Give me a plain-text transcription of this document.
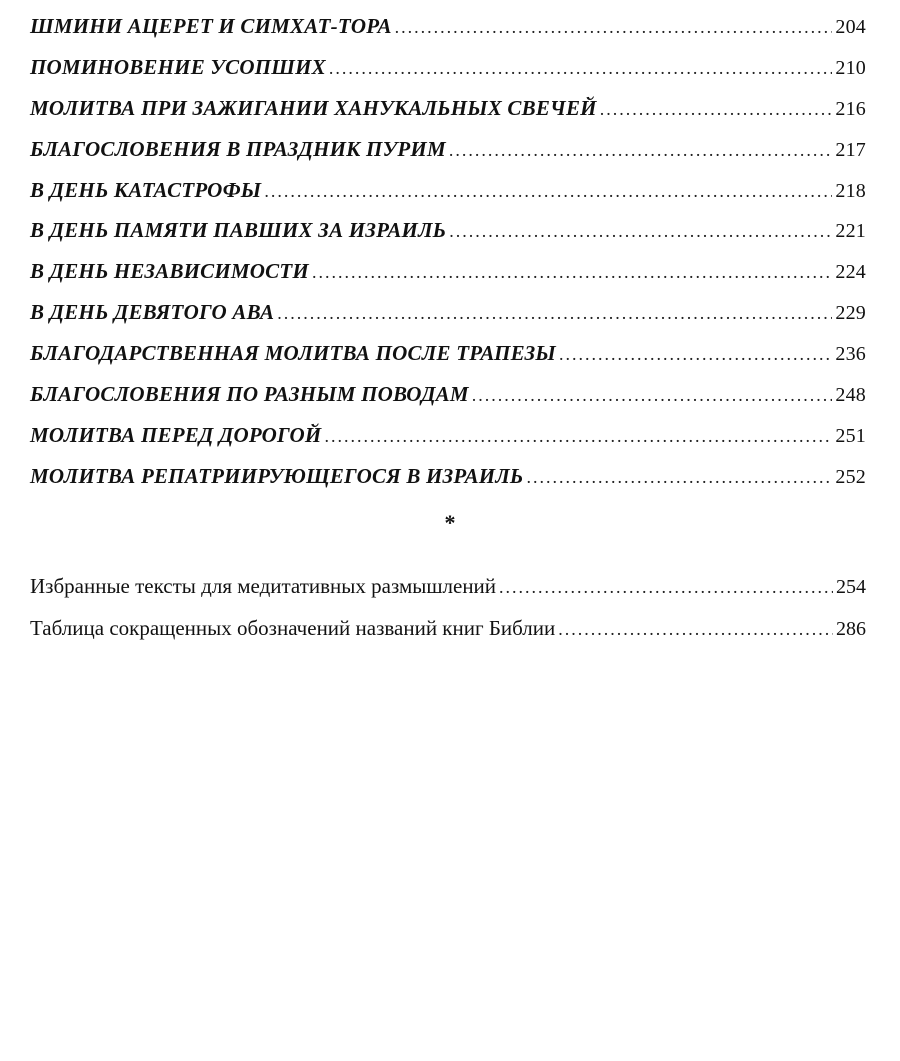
ШМИНИ АЦЕРЕТ И СИМХАТ-ТОРА .....	204
ПОМИНОВЕНИЕ УСОПШИХ .....	210
МОЛИТВА ПРИ ЗАЖИГАНИИ ХАНУКАЛЬНЫХ СВЕЧЕЙ .....	216
БЛАГОСЛОВЕНИЯ В ПРАЗДНИК ПУРИМ .....	217
В ДЕНЬ КАТАСТРОФЫ .....	218
В ДЕНЬ ПАМЯТИ ПАВШИХ ЗА ИЗРАИЛЬ .....	221
В ДЕНЬ НЕЗАВИСИМОСТИ .....	224
В ДЕНЬ ДЕВЯТОГО АВА .....	229
БЛАГОДАРСТВЕННАЯ МОЛИТВА ПОСЛЕ ТРАПЕЗЫ .....	236
БЛАГОСЛОВЕНИЯ ПО РАЗНЫМ ПОВОДАМ .....	248
МОЛИТВА ПЕРЕД ДОРОГОЙ .....	251
МОЛИТВА РЕПАТРИИРУЮЩЕГОСЯ В ИЗРАИЛЬ .....	252
*
Избранные тексты для медитативных размышлений .....	254
Таблица сокращенных обозначений названий книг Библии .....	286
